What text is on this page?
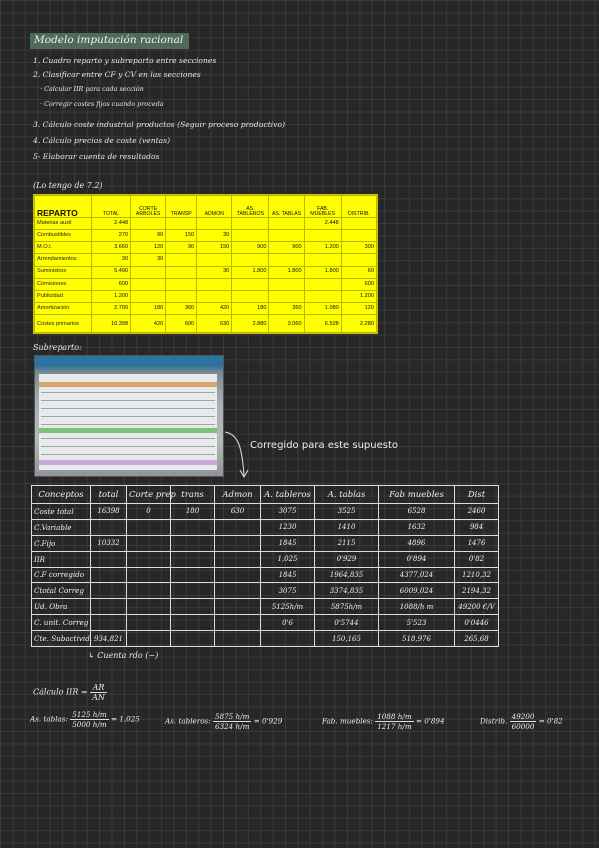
Modelo imputación racional
1. Cuadro reparto y subreparto entre secciones
2. Clasificar entre CF y CV en las secciones
· Calcular IIR para cada sección
· Corregir costes fijos cuando proceda
3. Cálculo coste industrial productos (Seguir proceso productivo)
4. Cálculo precios de coste (ventas)
5- Elaborar cuenta de resultados
(Lo tengo de 7.2)
REPARTO	TOTAL	CORTE ARBOLES	TRANSP	ADMON	AS. TABLEROS	AS. TABLAS	FAB. MUEBLES	DISTRIB.
Materias auxil	2.448						2.448	
Combustibles	270	90	150	30				
M.O.I.	3.660	120	90	150	900	900	1.200	300
Arrendamientos	30	30						
Suministros	5.490			30	1.800	1.800	1.800	60
Comisiones	600							600
Publicidad	1.200							1.200
Amortización	2.700	180	360	420	180	360	1.080	120
Costes primarios	16.398	420	600	630	2.880	3.060	6.528	2.280
Subreparto:
Corregido para este supuesto
Conceptos	total	Corte prep	trans	Admon	A. tableros	A. tablas	Fab muebles	Dist
Coste total	16398	0	180	630	3075	3525	6528	2460
C.Variable					1230	1410	1632	984
C.Fijo	10332				1845	2115	4896	1476
IIR					1,025	0'929	0'894	0'82
C.F corregido					1845	1964,835	4377,024	1210,32
Ctotal Correg					3075	3374,835	6009,024	2194,32
Ud. Obra					5125h/m	5875h/m	1088/h m	49200 €/V
C. unit. Correg					0'6	0'5744	5'523	0'0446
Cte. Subactivid.	934,821					150,165	518,976	265,68
↳ Cuenta rdo (−)
Cálculo IIR = $\frac{AR}{AN}$
As. tablas: $\frac{5125 h/m}{5000 h/m} = 1,025$	As. tableros: $\frac{5875 h/m}{6324 h/m} = 0'929$	Fab. muebles: $\frac{1088 h/m}{1217 h/m} = 0'894$	Distrib. $\frac{49200}{60000} = 0'82$
